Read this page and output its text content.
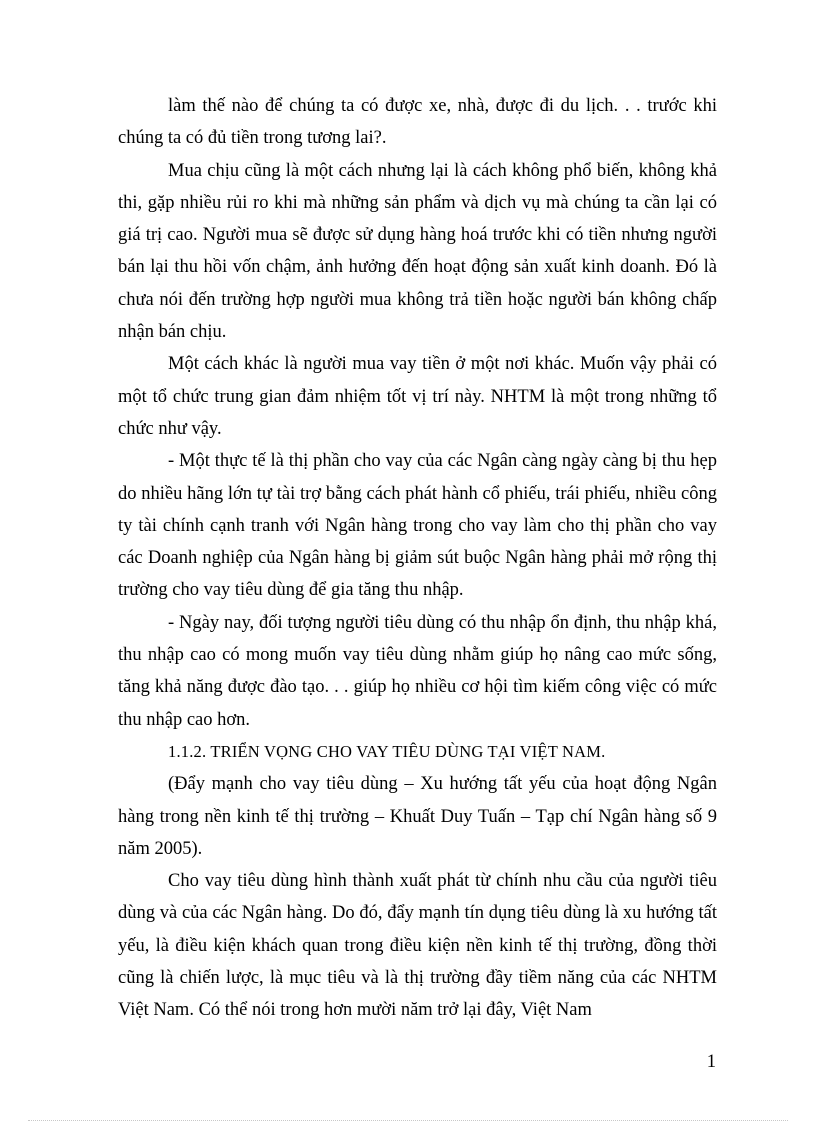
làm thế nào để chúng ta có được xe, nhà, được đi du lịch. . . trước khi chúng ta có đủ tiền trong tương lai?.

Mua chịu cũng là một cách nhưng lại là cách không phổ biến, không khả thi, gặp nhiều rủi ro khi mà những sản phẩm và dịch vụ mà chúng ta cần lại có giá trị cao. Người mua sẽ được sử dụng hàng hoá trước khi có tiền nhưng người bán lại thu hồi vốn chậm, ảnh hưởng đến hoạt động sản xuất kinh doanh. Đó là chưa nói đến trường hợp người mua không trả tiền hoặc người bán không chấp nhận bán chịu.

Một cách khác là người mua vay tiền ở một nơi khác. Muốn vậy phải có một tổ chức trung gian đảm nhiệm tốt vị trí này. NHTM là một trong những tổ chức như vậy.

- Một thực tế là thị phần cho vay của các Ngân càng ngày càng bị thu hẹp do nhiều hãng lớn tự tài trợ bằng cách phát hành cổ phiếu, trái phiếu, nhiều công ty tài chính cạnh tranh với Ngân hàng trong cho vay làm cho thị phần cho vay các Doanh nghiệp của Ngân hàng bị giảm sút buộc Ngân hàng phải mở rộng thị trường cho vay tiêu dùng để gia tăng thu nhập.

- Ngày nay, đối tượng người tiêu dùng có thu nhập ổn định, thu nhập khá, thu nhập cao có mong muốn vay tiêu dùng nhằm giúp họ nâng cao mức sống, tăng khả năng được đào tạo. . . giúp họ nhiều cơ hội tìm kiếm công việc có mức thu nhập cao hơn.

1.1.2. TRIỂN VỌNG CHO VAY TIÊU DÙNG TẠI VIỆT NAM.

(Đẩy mạnh cho vay tiêu dùng – Xu hướng tất yếu của hoạt động Ngân hàng trong nền kinh tế thị trường – Khuất Duy Tuấn – Tạp chí Ngân hàng số 9 năm 2005).

Cho vay tiêu dùng hình thành xuất phát từ chính nhu cầu của người tiêu dùng và của các Ngân hàng. Do đó, đẩy mạnh tín dụng tiêu dùng là xu hướng tất yếu, là điều kiện khách quan trong điều kiện nền kinh tế thị trường, đồng thời cũng là chiến lược, là mục tiêu và là thị trường đầy tiềm năng của các NHTM Việt Nam. Có thể nói trong hơn mười năm trở lại đây, Việt Nam

1
